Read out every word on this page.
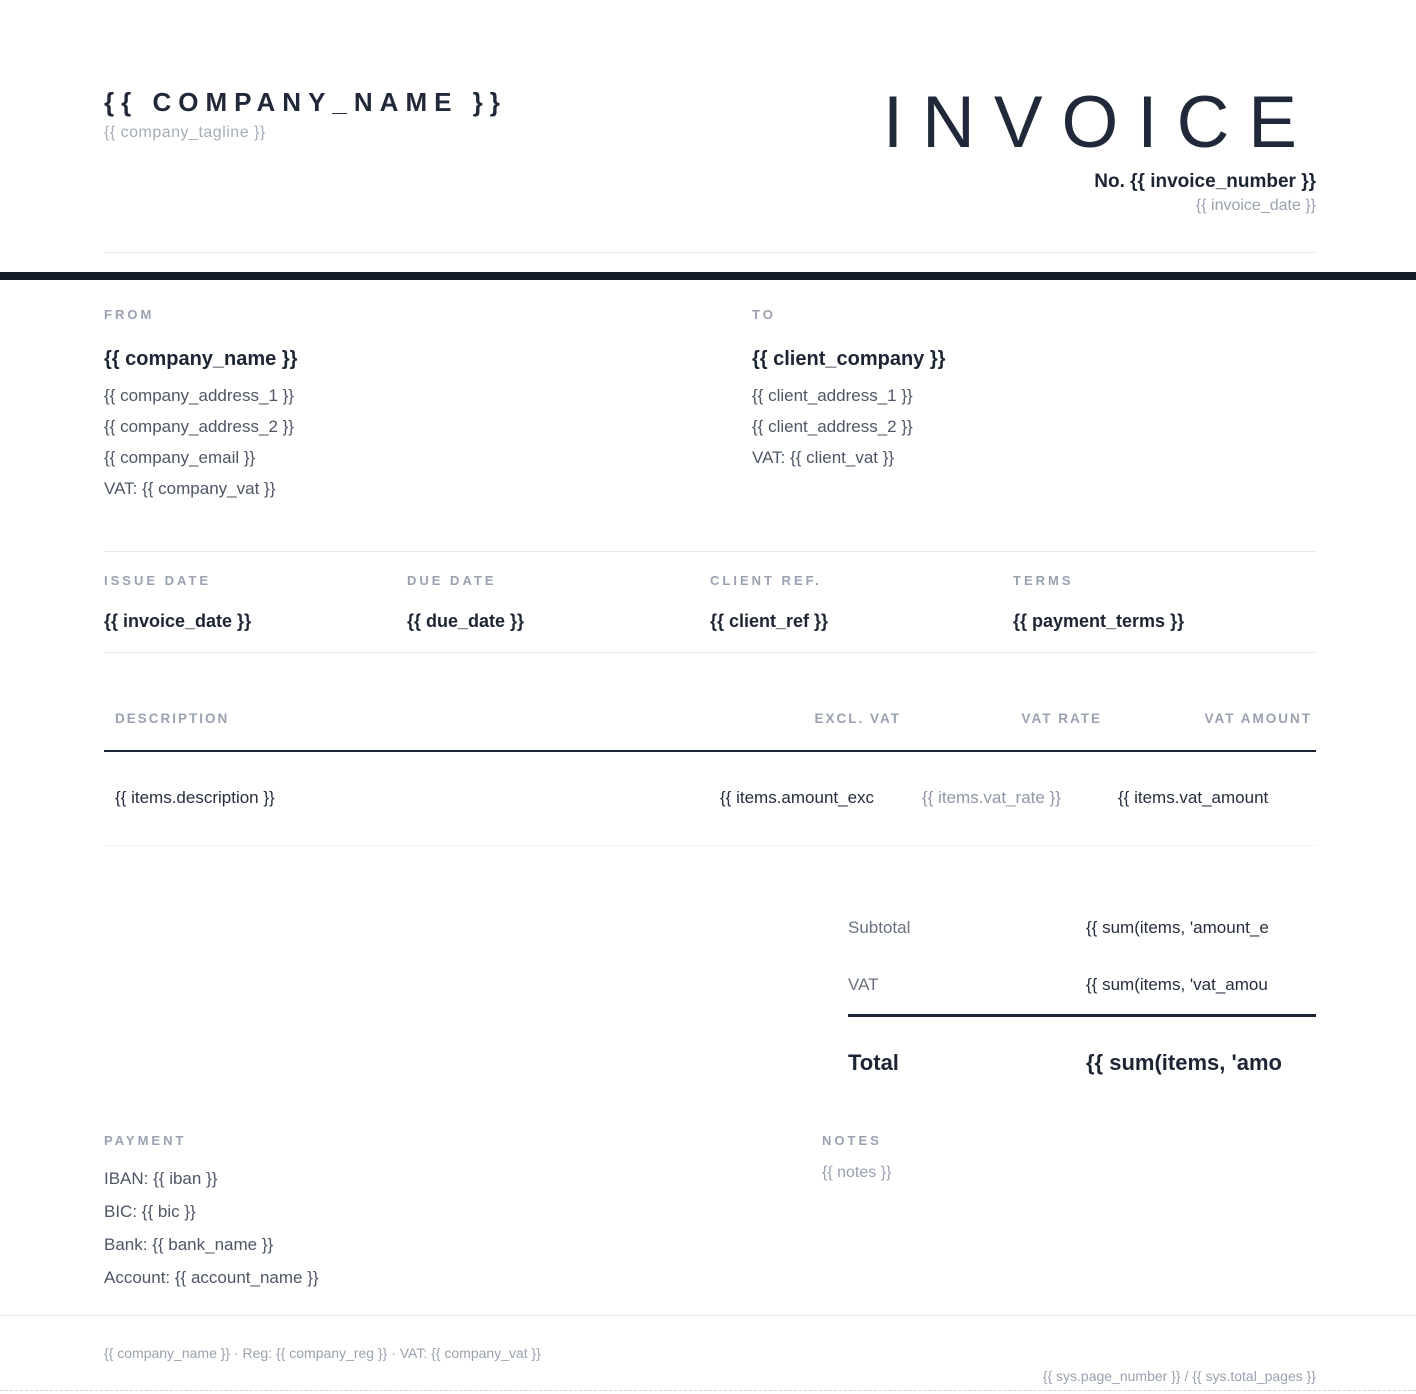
{{ COMPANY_NAME }}
{{ company_tagline }}	INVOICE
No. {{ invoice_number }}
{{ invoice_date }}
FROM
{{ company_name }}
{{ company_address_1 }}
{{ company_address_2 }}
{{ company_email }}
VAT: {{ company_vat }}
TO
{{ client_company }}
{{ client_address_1 }}
{{ client_address_2 }}
VAT: {{ client_vat }}
ISSUE DATE
{{ invoice_date }}
DUE DATE
{{ due_date }}
CLIENT REF.
{{ client_ref }}
TERMS
{{ payment_terms }}
DESCRIPTION	EXCL. VAT	VAT RATE	VAT AMOUNT
{{ items.description }}	{{ items.amount_exc	{{ items.vat_rate }}	{{ items.vat_amount
Subtotal	{{ sum(items, 'amount_e
VAT	{{ sum(items, 'vat_amou
Total	{{ sum(items, 'amo
PAYMENT
IBAN: {{ iban }}
BIC: {{ bic }}
Bank: {{ bank_name }}
Account: {{ account_name }}
NOTES
{{ notes }}
{{ company_name }} · Reg: {{ company_reg }} · VAT: {{ company_vat }}
{{ sys.page_number }} / {{ sys.total_pages }}
